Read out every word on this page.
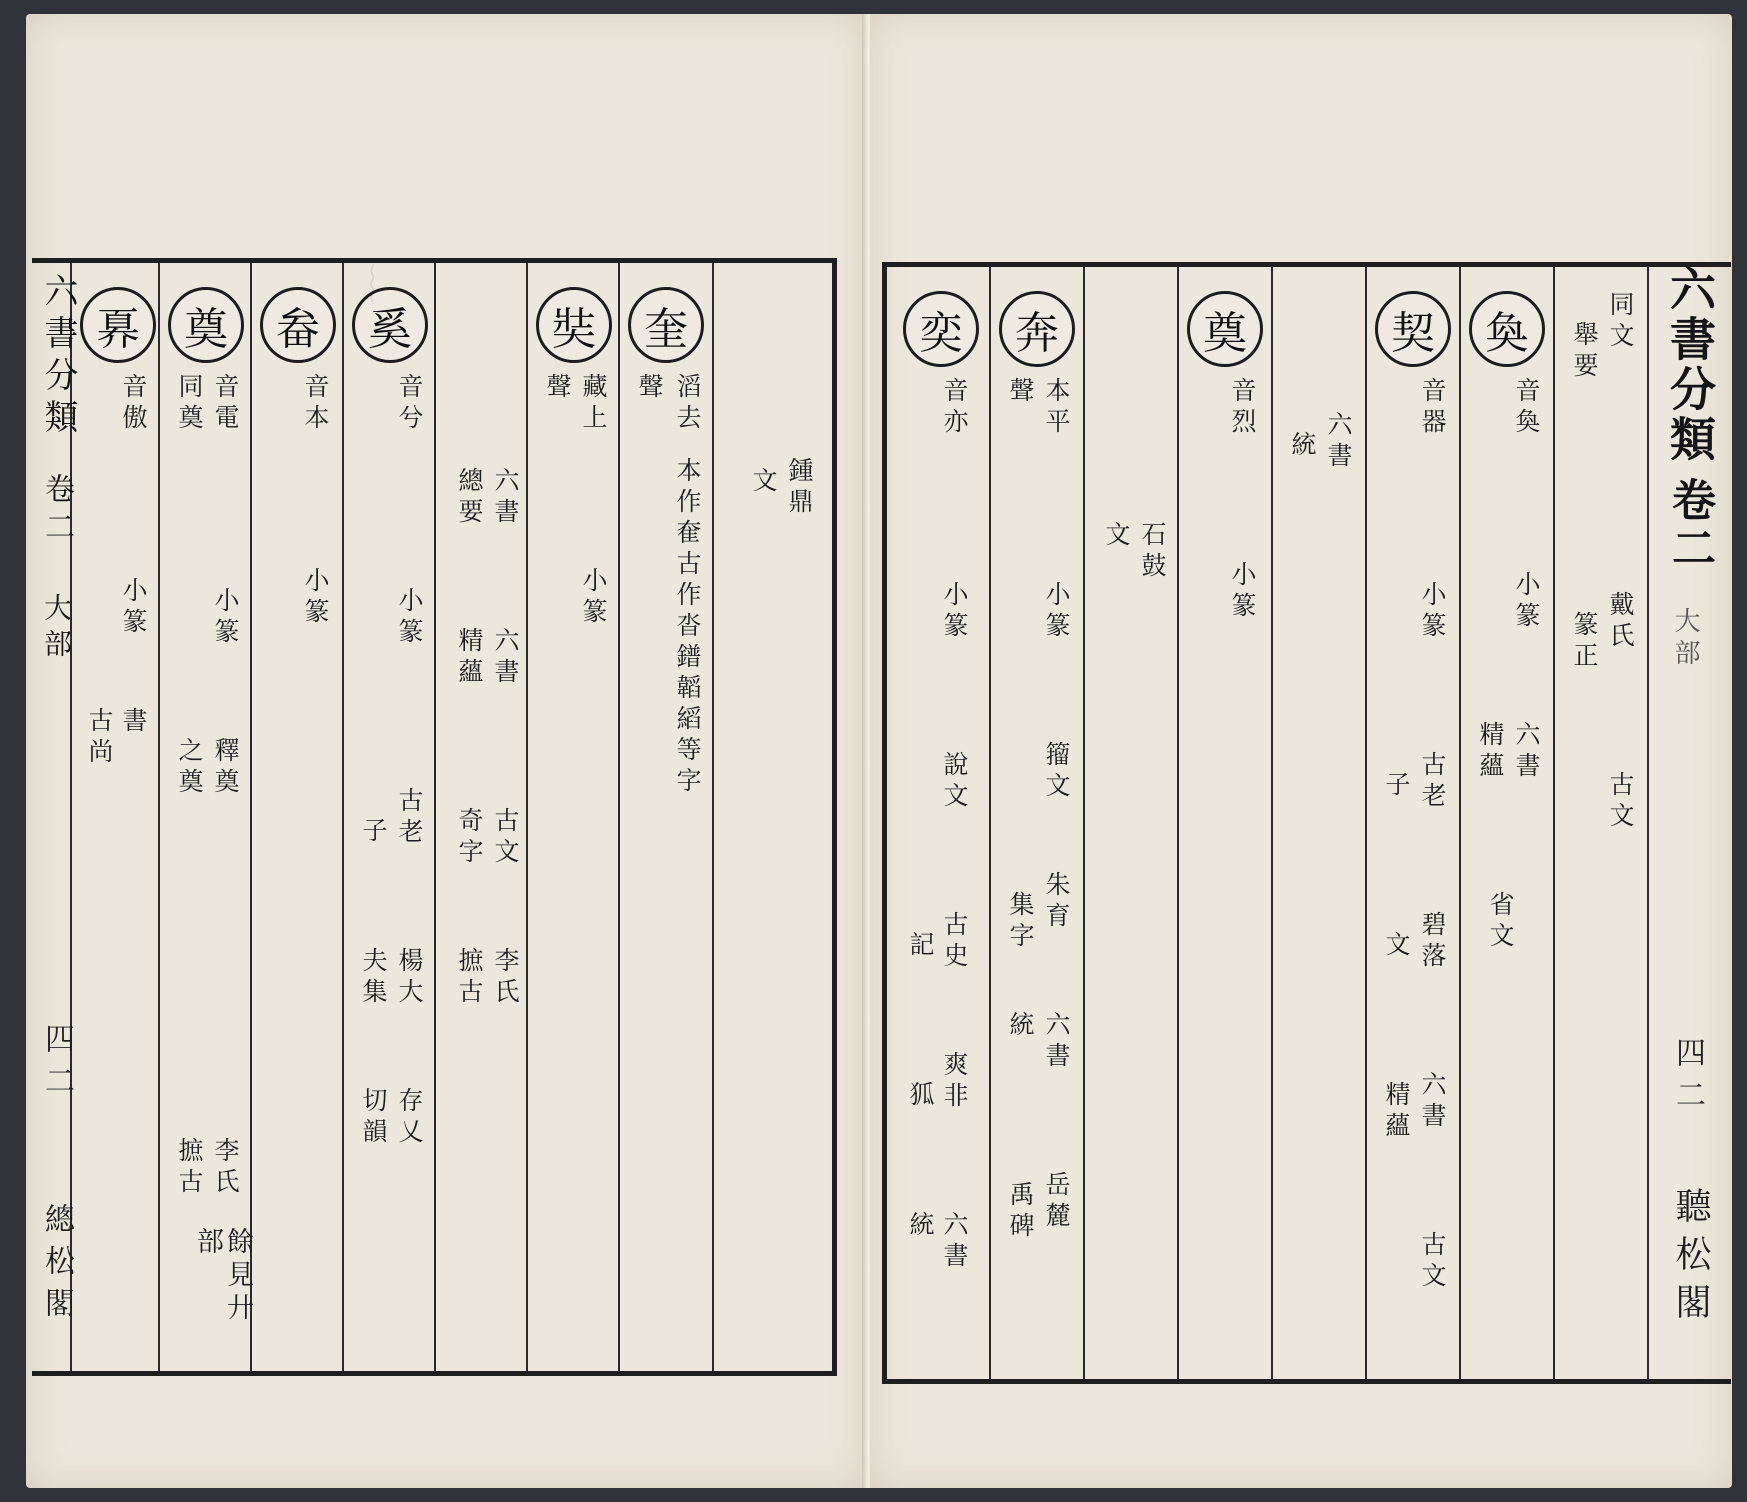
﹏
六書分類
卷二
大部
四二
總松閣
奡
音傲
小篆
古尚 書
奠
音電
同奠
小篆
釋奠
之奠
李氏
摭古
餘見廾部
畚
音本
小篆
奚
音兮
小篆
古老
子
楊大
夫集
存乂
切韻
六書
總要
六書
精蘊
古文
奇字
李氏
摭古
奘
藏上
聲
小篆
奎
滔去
聲
本作奞古作沓鐠韜縚等字	鍾鼎
文
六書分類
卷二
大部
四二
聽松閣
奕
音亦
小篆
說文
古史
記
爽非
狐
六書
統
奔
本平
聲
小篆
籀文
朱育
集字
六書
統
岳麓
禹碑
石鼓
文
奠
音烈
小篆
六書
統
契
音器
小篆
古老
子
碧落
文
六書
精蘊
古文
奐
音奐
小篆
六書
精蘊
省文
同文
舉要
戴氏
篆正
古文
